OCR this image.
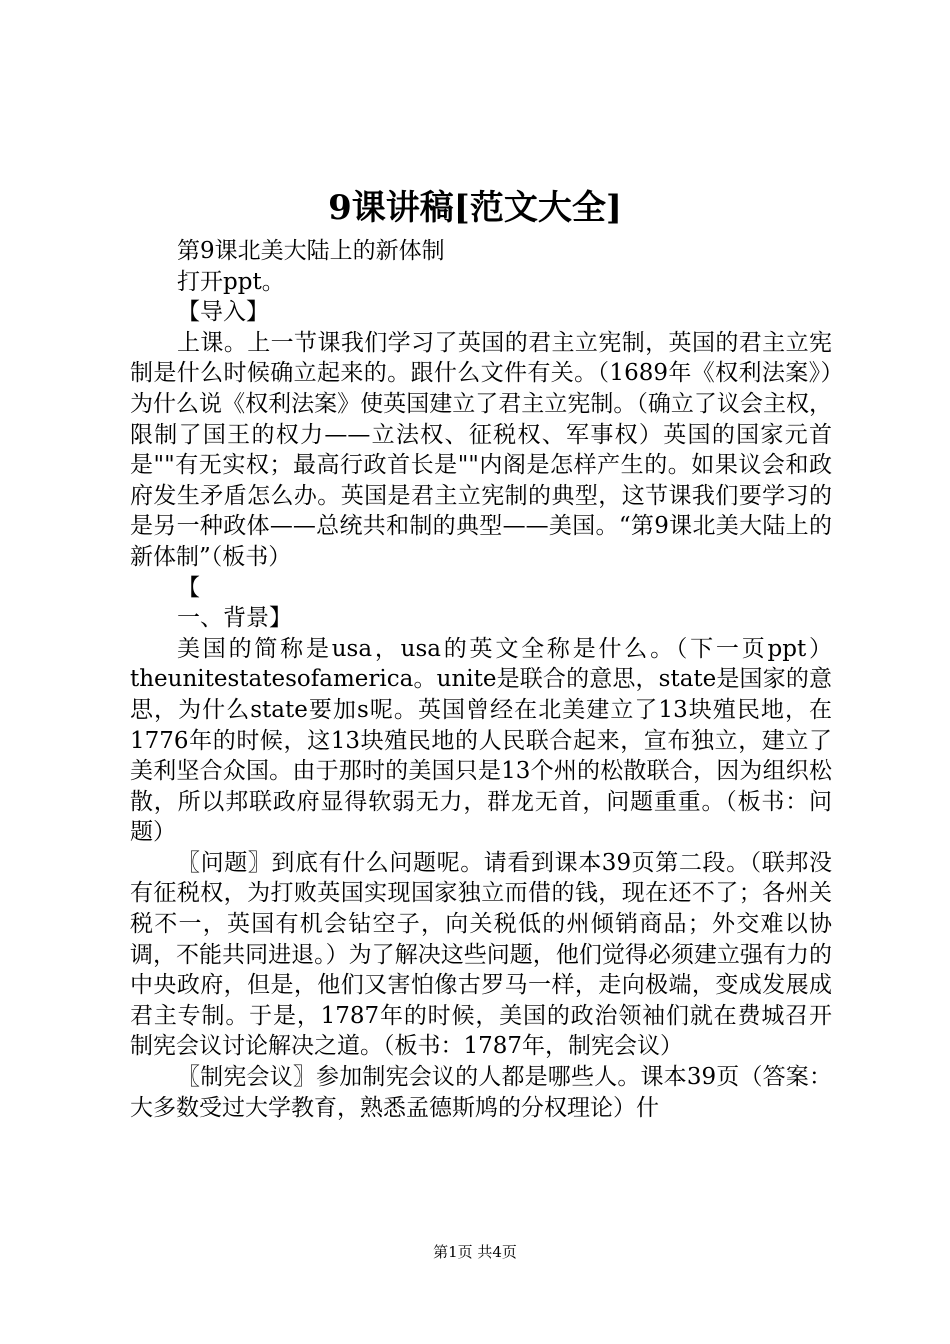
9课讲稿[范文大全]

第9课北美大陆上的新体制

打开ppt。

【导入】

上课。上一节课我们学习了英国的君主立宪制，英国的君主立宪制是什么时候确立起来的。跟什么文件有关。（1689年《权利法案》）为什么说《权利法案》使英国建立了君主立宪制。（确立了议会主权，限制了国王的权力——立法权、征税权、军事权）英国的国家元首是""有无实权；最高行政首长是""内阁是怎样产生的。如果议会和政府发生矛盾怎么办。英国是君主立宪制的典型，这节课我们要学习的是另一种政体——总统共和制的典型——美国。“第9课北美大陆上的新体制”（板书）

【

一、背景】

美国的简称是usa，usa的英文全称是什么。（下一页ppt）theunitestatesofamerica。unite是联合的意思，state是国家的意思，为什么state要加s呢。英国曾经在北美建立了13块殖民地，在1776年的时候，这13块殖民地的人民联合起来，宣布独立，建立了美利坚合众国。由于那时的美国只是13个州的松散联合，因为组织松散，所以邦联政府显得软弱无力，群龙无首，问题重重。（板书：问题）

〖问题〗到底有什么问题呢。请看到课本39页第二段。（联邦没有征税权，为打败英国实现国家独立而借的钱，现在还不了；各州关税不一，英国有机会钻空子，向关税低的州倾销商品；外交难以协调，不能共同进退。）为了解决这些问题，他们觉得必须建立强有力的中央政府，但是，他们又害怕像古罗马一样，走向极端，变成发展成君主专制。于是，1787年的时候，美国的政治领袖们就在费城召开制宪会议讨论解决之道。（板书：1787年，制宪会议）

〖制宪会议〗参加制宪会议的人都是哪些人。课本39页（答案：大多数受过大学教育，熟悉孟德斯鸠的分权理论）什

第1页 共4页
